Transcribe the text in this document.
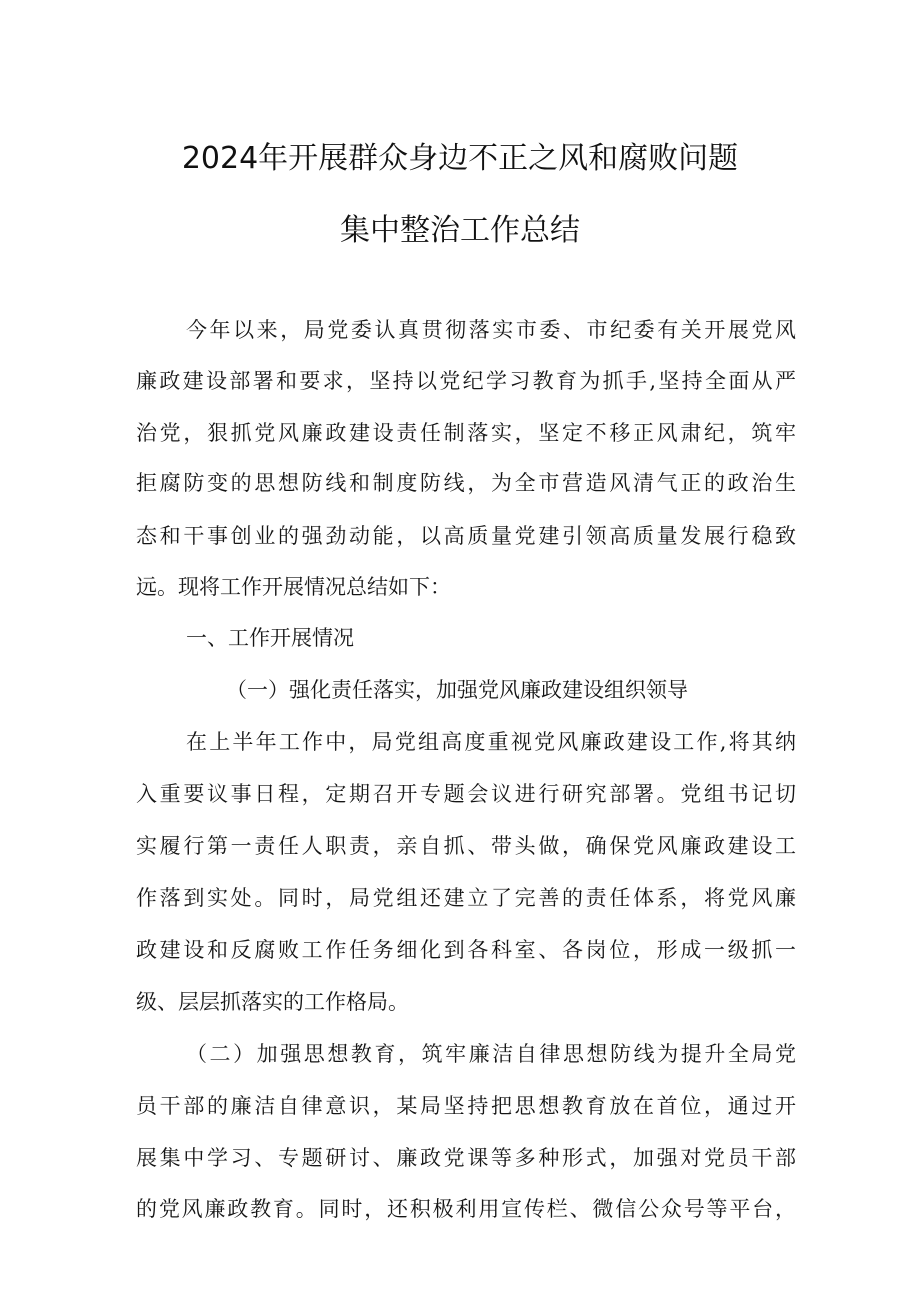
2024年开展群众身边不正之风和腐败问题
集中整治工作总结
今年以来，局党委认真贯彻落实市委、市纪委有关开展党风
廉政建设部署和要求，坚持以党纪学习教育为抓手,坚持全面从严
治党，狠抓党风廉政建设责任制落实，坚定不移正风肃纪，筑牢
拒腐防变的思想防线和制度防线，为全市营造风清气正的政治生
态和干事创业的强劲动能，以高质量党建引领高质量发展行稳致
远。现将工作开展情况总结如下：
一、工作开展情况
（一）强化责任落实，加强党风廉政建设组织领导
在上半年工作中，局党组高度重视党风廉政建设工作,将其纳
入重要议事日程，定期召开专题会议进行研究部署。党组书记切
实履行第一责任人职责，亲自抓、带头做，确保党风廉政建设工
作落到实处。同时，局党组还建立了完善的责任体系，将党风廉
政建设和反腐败工作任务细化到各科室、各岗位，形成一级抓一
级、层层抓落实的工作格局。
（二）加强思想教育，筑牢廉洁自律思想防线为提升全局党
员干部的廉洁自律意识，某局坚持把思想教育放在首位，通过开
展集中学习、专题研讨、廉政党课等多种形式，加强对党员干部
的党风廉政教育。同时，还积极利用宣传栏、微信公众号等平台，
